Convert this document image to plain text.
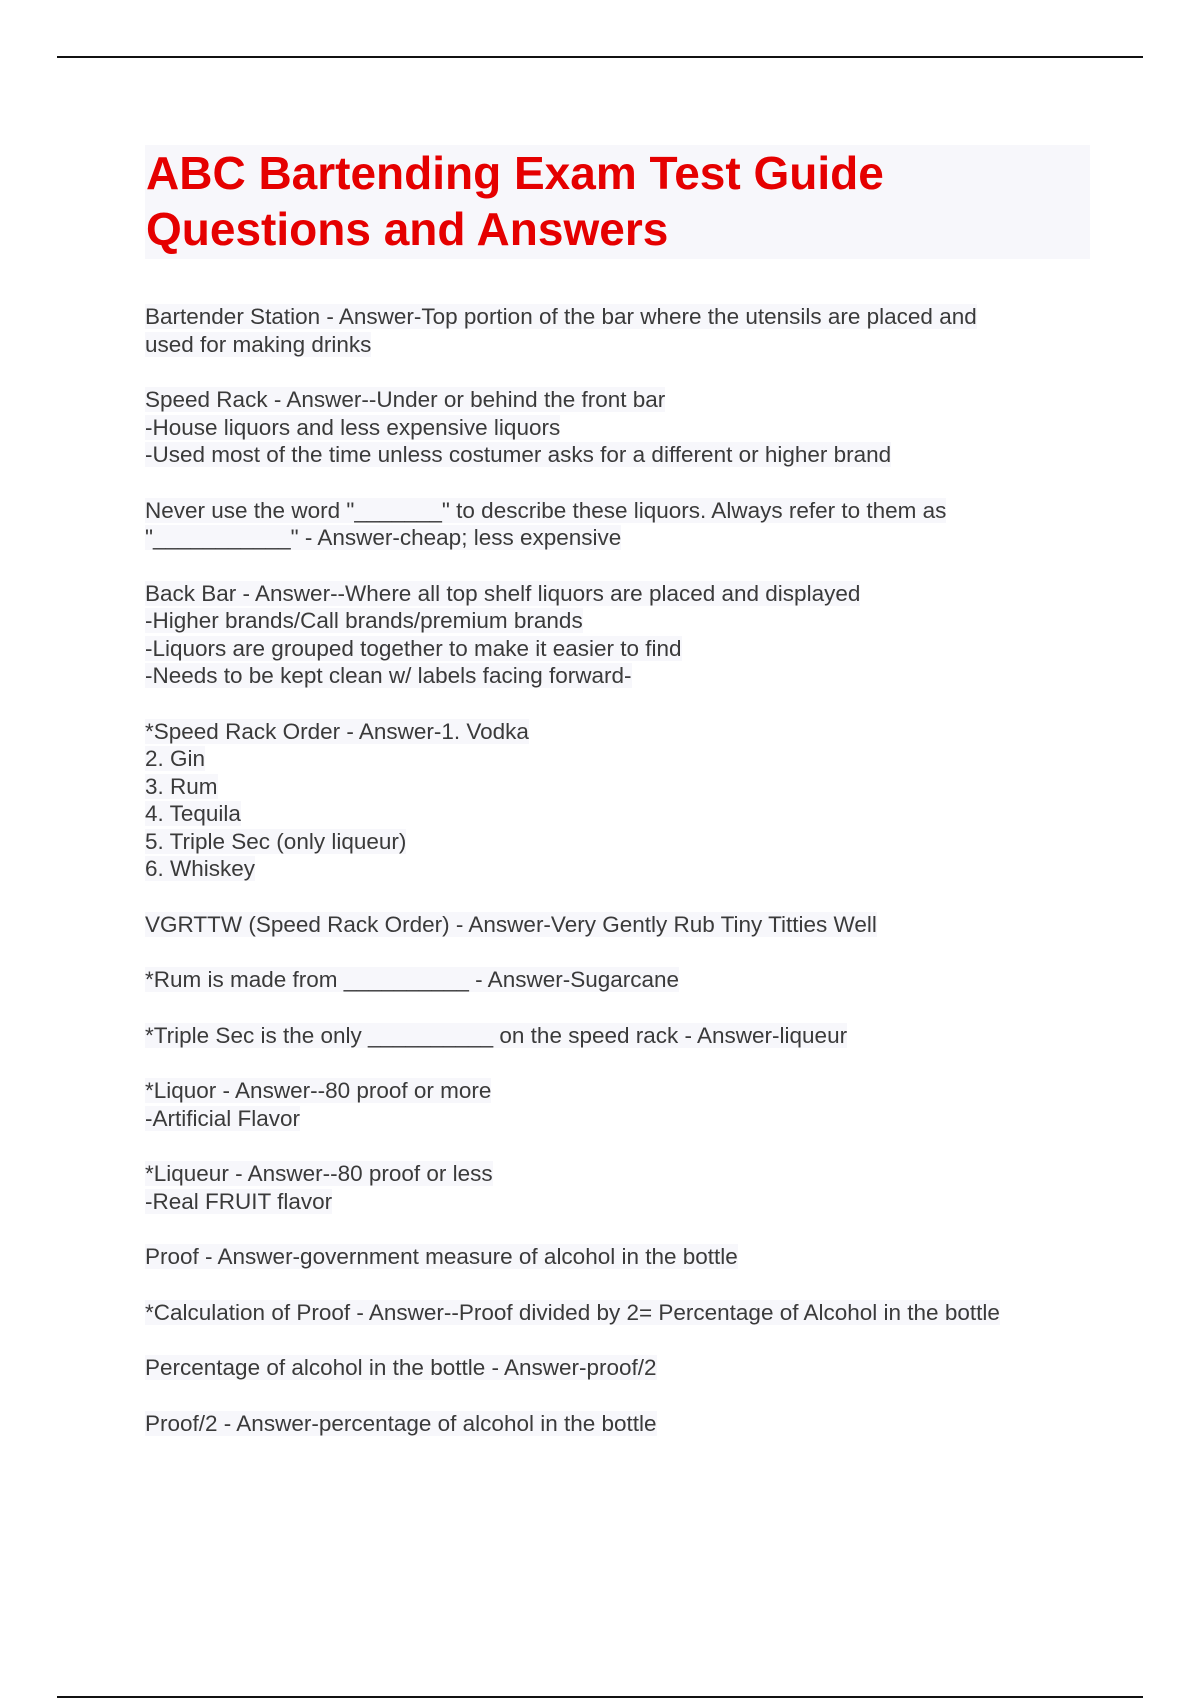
ABC Bartending Exam Test Guide
Questions and Answers
Bartender Station - Answer-Top portion of the bar where the utensils are placed and
used for making drinks
Speed Rack - Answer--Under or behind the front bar
-House liquors and less expensive liquors
-Used most of the time unless costumer asks for a different or higher brand
Never use the word "_______" to describe these liquors. Always refer to them as
"___________" - Answer-cheap; less expensive
Back Bar - Answer--Where all top shelf liquors are placed and displayed
-Higher brands/Call brands/premium brands
-Liquors are grouped together to make it easier to find
-Needs to be kept clean w/ labels facing forward-
*Speed Rack Order - Answer-1. Vodka
2. Gin
3. Rum
4. Tequila
5. Triple Sec (only liqueur)
6. Whiskey
VGRTTW (Speed Rack Order) - Answer-Very Gently Rub Tiny Titties Well
*Rum is made from __________ - Answer-Sugarcane
*Triple Sec is the only __________ on the speed rack - Answer-liqueur
*Liquor - Answer--80 proof or more
-Artificial Flavor
*Liqueur - Answer--80 proof or less
-Real FRUIT flavor
Proof - Answer-government measure of alcohol in the bottle
*Calculation of Proof - Answer--Proof divided by 2= Percentage of Alcohol in the bottle
Percentage of alcohol in the bottle - Answer-proof/2
Proof/2 - Answer-percentage of alcohol in the bottle
